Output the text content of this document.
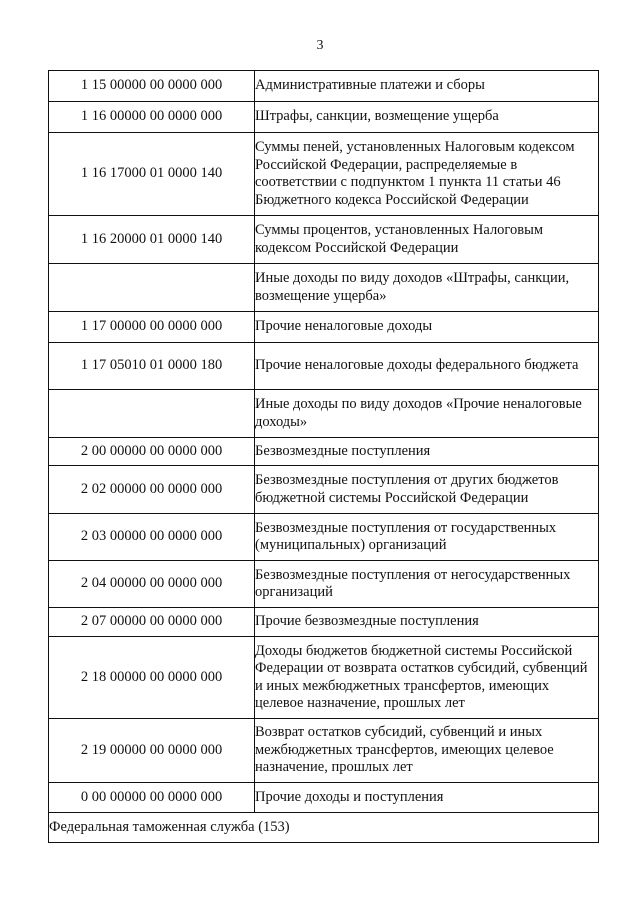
3
1 15 00000 00 0000 000	Административные платежи и сборы
1 16 00000 00 0000 000	Штрафы, санкции, возмещение ущерба
1 16 17000 01 0000 140	Суммы пеней, установленных Налоговым кодексом Российской Федерации, распределяемые в соответствии с подпунктом 1 пункта 11 статьи 46 Бюджетного кодекса Российской Федерации
1 16 20000 01 0000 140	Суммы процентов, установленных Налоговым кодексом Российской Федерации
	Иные доходы по виду доходов «Штрафы, санкции, возмещение ущерба»
1 17 00000 00 0000 000	Прочие неналоговые доходы
1 17 05010 01 0000 180	Прочие неналоговые доходы федерального бюджета
	Иные доходы по виду доходов «Прочие неналоговые доходы»
2 00 00000 00 0000 000	Безвозмездные поступления
2 02 00000 00 0000 000	Безвозмездные поступления от других бюджетов бюджетной системы Российской Федерации
2 03 00000 00 0000 000	Безвозмездные поступления от государственных (муниципальных) организаций
2 04 00000 00 0000 000	Безвозмездные поступления от негосударственных организаций
2 07 00000 00 0000 000	Прочие безвозмездные поступления
2 18 00000 00 0000 000	Доходы бюджетов бюджетной системы Российской Федерации от возврата остатков субсидий, субвенций и иных межбюджетных трансфертов, имеющих целевое назначение, прошлых лет
2 19 00000 00 0000 000	Возврат остатков субсидий, субвенций и иных межбюджетных трансфертов, имеющих целевое назначение, прошлых лет
0 00 00000 00 0000 000	Прочие доходы и поступления
Федеральная таможенная служба (153)	
